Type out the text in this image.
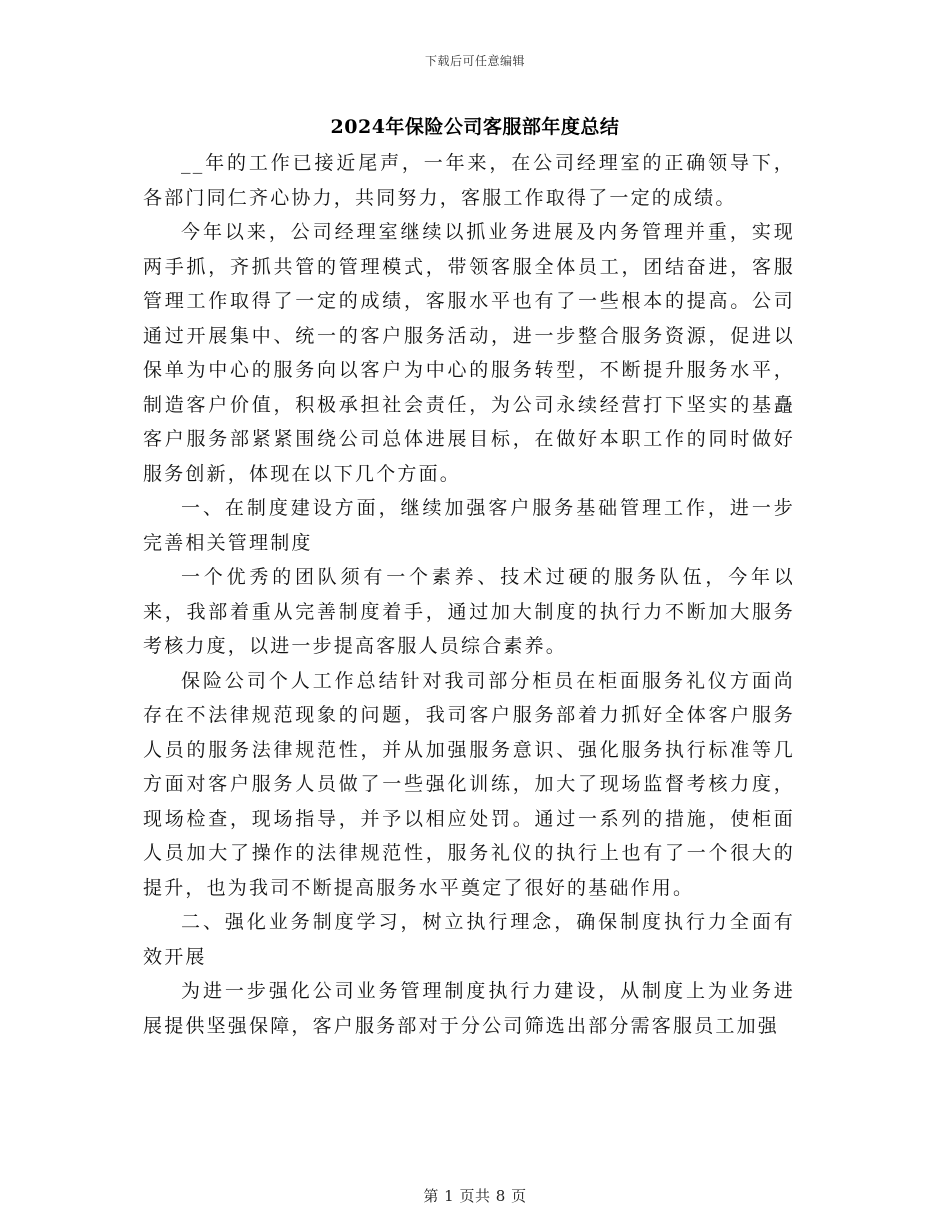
下载后可任意编辑
2024年保险公司客服部年度总结

__年的工作已接近尾声，一年来，在公司经理室的正确领导下，各部门同仁齐心协力，共同努力，客服工作取得了一定的成绩。

今年以来，公司经理室继续以抓业务进展及内务管理并重，实现两手抓，齐抓共管的管理模式，带领客服全体员工，团结奋进，客服管理工作取得了一定的成绩，客服水平也有了一些根本的提高。公司通过开展集中、统一的客户服务活动，进一步整合服务资源，促进以保单为中心的服务向以客户为中心的服务转型，不断提升服务水平，制造客户价值，积极承担社会责任，为公司永续经营打下坚实的基矗客户服务部紧紧围绕公司总体进展目标，在做好本职工作的同时做好服务创新，体现在以下几个方面。

一、在制度建设方面，继续加强客户服务基础管理工作，进一步完善相关管理制度

一个优秀的团队须有一个素养、技术过硬的服务队伍，今年以来，我部着重从完善制度着手，通过加大制度的执行力不断加大服务考核力度，以进一步提高客服人员综合素养。

保险公司个人工作总结针对我司部分柜员在柜面服务礼仪方面尚存在不法律规范现象的问题，我司客户服务部着力抓好全体客户服务人员的服务法律规范性，并从加强服务意识、强化服务执行标准等几方面对客户服务人员做了一些强化训练，加大了现场监督考核力度，现场检查，现场指导，并予以相应处罚。通过一系列的措施，使柜面人员加大了操作的法律规范性，服务礼仪的执行上也有了一个很大的提升，也为我司不断提高服务水平奠定了很好的基础作用。

二、强化业务制度学习，树立执行理念，确保制度执行力全面有效开展

为进一步强化公司业务管理制度执行力建设，从制度上为业务进展提供坚强保障，客户服务部对于分公司筛选出部分需客服员工加强

第 1 页共 8 页
